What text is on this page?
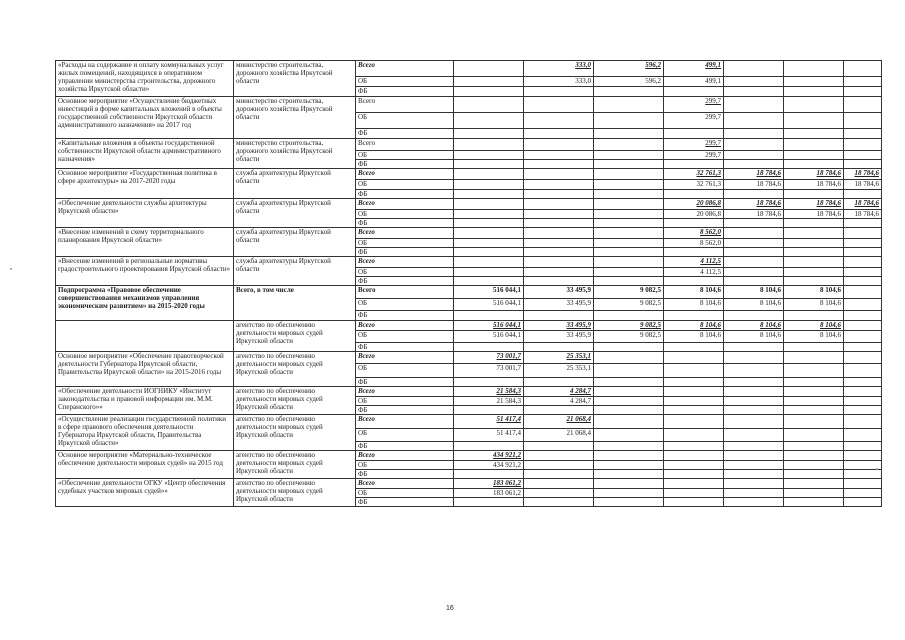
«Расходы на содержание и оплату коммунальных услуг жилых помещений, находящихся в оперативном управлении министерства строительства, дорожного хозяйства Иркутской области»	министерство строительства, дорожного хозяйства Иркутской области	Всего		333,0	596,2	499,1			
		ОБ		333,0	596,2	499,1			
		ФБ							
Основное мероприятие «Осуществление бюджетных инвестиций в форме капитальных вложений в объекты государственной собственности Иркутской области административного назначения» на 2017 год	министерство строительства, дорожного хозяйства Иркутской области	Всего				299,7			
		ОБ				299,7			
		ФБ							
«Капитальные вложения в объекты государственной собственности Иркутской области административного назначения»	министерство строительства, дорожного хозяйства Иркутской области	Всего				299,7			
		ОБ				299,7			
		ФБ							
Основное мероприятие «Государственная политика в сфере архитектуры» на 2017-2020 годы	служба архитектуры Иркутской области	Всего				32 761,3	18 784,6	18 784,6	18 784,6
		ОБ				32 761,3	18 784,6	18 784,6	18 784,6
		ФБ							
«Обеспечение деятельности службы архитектуры Иркутской области»	служба архитектуры Иркутской области	Всего				20 086,8	18 784,6	18 784,6	18 784,6
		ОБ				20 086,8	18 784,6	18 784,6	18 784,6
		ФБ							
«Внесение изменений в схему территориального планирования Иркутской области»	служба архитектуры Иркутской области	Всего				8 562,0			
		ОБ				8 562,0			
		ФБ							
«Внесение изменений в региональные нормативы градостроительного проектирования Иркутской области»	служба архитектуры Иркутской области	Всего				4 112,5			
		ОБ				4 112,5			
		ФБ							
Подпрограмма «Правовое обеспечение совершенствования механизмов управления экономическим развитием» на 2015-2020 годы	Всего, в том числе	Всего	516 044,1	33 495,9	9 082,5	8 104,6	8 104,6	8 104,6	
		ОБ	516 044,1	33 495,9	9 082,5	8 104,6	8 104,6	8 104,6	
		ФБ							
	агентство по обеспечению деятельности мировых судей Иркутской области	Всего	516 044,1	33 495,9	9 082,5	8 104,6	8 104,6	8 104,6	
		ОБ	516 044,1	33 495,9	9 082,5	8 104,6	8 104,6	8 104,6	
		ФБ							
Основное мероприятие «Обеспечение правотворческой деятельности Губернатора Иркутской области, Правительства Иркутской области» на 2015-2016 годы	агентство по обеспечению деятельности мировых судей Иркутской области	Всего	73 001,7	25 353,1					
		ОБ	73 001,7	25 353,1					
		ФБ							
«Обеспечение деятельности ИОГНИКУ «Институт законодательства и правовой информации им. М.М. Сперанского»»	агентство по обеспечению деятельности мировых судей Иркутской области	Всего	21 584,3	4 284,7					
		ОБ	21 584,3	4 284,7					
		ФБ							
«Осуществление реализации государственной политики в сфере правового обеспечения деятельности Губернатора Иркутской области, Правительства Иркутской области»	агентство по обеспечению деятельности мировых судей Иркутской области	Всего	51 417,4	21 068,4					
		ОБ	51 417,4	21 068,4					
		ФБ							
Основное мероприятие «Материально-техническое обеспечение деятельности мировых судей» на 2015 год	агентство по обеспечению деятельности мировых судей Иркутской области	Всего	434 921,2						
		ОБ	434 921,2						
		ФБ							
«Обеспечение деятельности ОГКУ «Центр обеспечения судебных участков мировых судей»»	агентство по обеспечению деятельности мировых судей Иркутской области	Всего	183 061,2						
		ОБ	183 061,2						
		ФБ							
16
